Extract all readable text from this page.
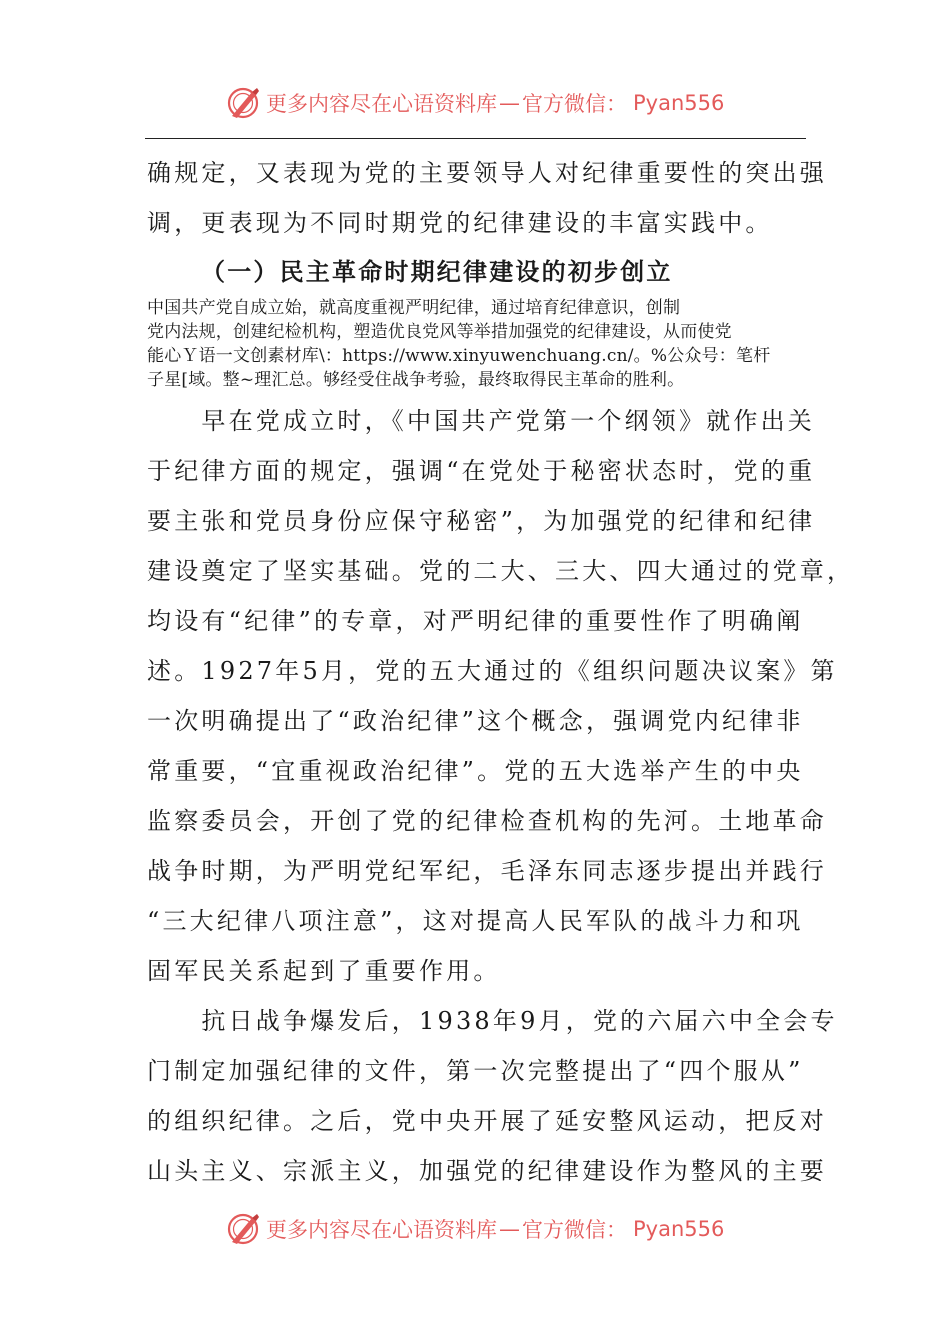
更多内容尽在心语资料库 — 官方微信： Pyan556
确规定，又表现为党的主要领导人对纪律重要性的突出强
调，更表现为不同时期党的纪律建设的丰富实践中。
（一）民主革命时期纪律建设的初步创立
中国共产党自成立始，就高度重视严明纪律，通过培育纪律意识，创制
党内法规，创建纪检机构，塑造优良党风等举措加强党的纪律建设，从而使党
能心Ｙ语一文创素材库\：https://www.xinyuwenchuang.cn/。%公众号：笔杆
子星[域。整~理汇总。够经受住战争考验，最终取得民主革命的胜利。
　　早在党成立时，《中国共产党第一个纲领》就作出关
于纪律方面的规定，强调“在党处于秘密状态时，党的重
要主张和党员身份应保守秘密”，为加强党的纪律和纪律
建设奠定了坚实基础。党的二大、三大、四大通过的党章，
均设有“纪律”的专章，对严明纪律的重要性作了明确阐
述。1927年5月，党的五大通过的《组织问题决议案》第
一次明确提出了“政治纪律”这个概念，强调党内纪律非
常重要，“宜重视政治纪律”。党的五大选举产生的中央
监察委员会，开创了党的纪律检查机构的先河。土地革命
战争时期，为严明党纪军纪，毛泽东同志逐步提出并践行
“三大纪律八项注意”，这对提高人民军队的战斗力和巩
固军民关系起到了重要作用。
　　抗日战争爆发后，1938年9月，党的六届六中全会专
门制定加强纪律的文件，第一次完整提出了“四个服从”
的组织纪律。之后，党中央开展了延安整风运动，把反对
山头主义、宗派主义，加强党的纪律建设作为整风的主要
更多内容尽在心语资料库 — 官方微信： Pyan556
